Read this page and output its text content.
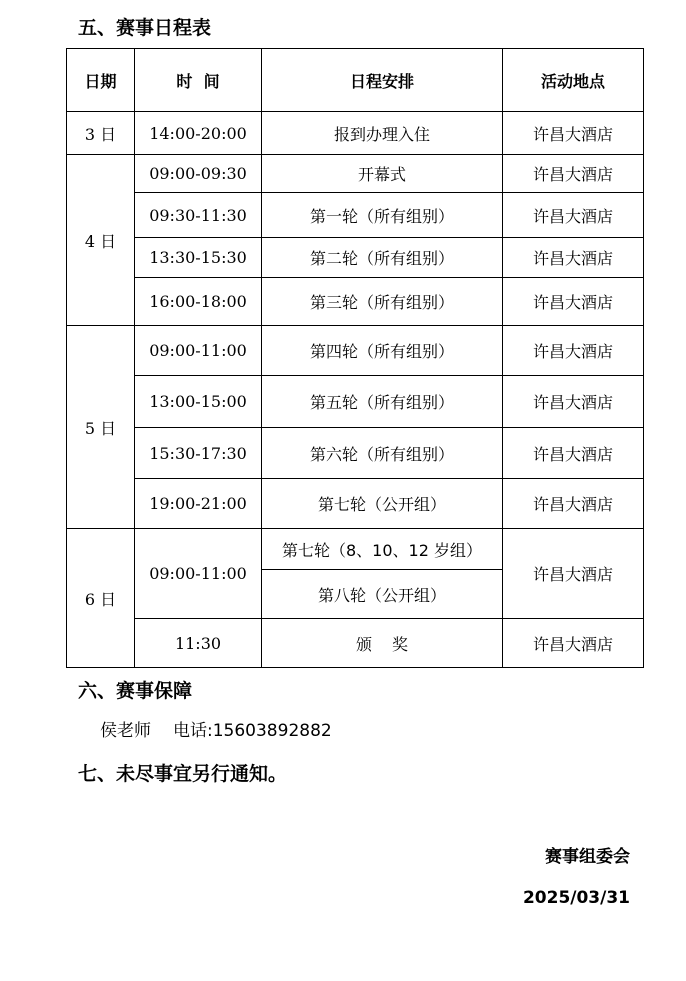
五、赛事日程表
日期	时  间	日程安排	活动地点
3 日	14:00-20:00	报到办理入住	许昌大酒店
4 日	09:00-09:30	开幕式	许昌大酒店
	09:30-11:30	第一轮（所有组别）	许昌大酒店
	13:30-15:30	第二轮（所有组别）	许昌大酒店
	16:00-18:00	第三轮（所有组别）	许昌大酒店
5 日	09:00-11:00	第四轮（所有组别）	许昌大酒店
	13:00-15:00	第五轮（所有组别）	许昌大酒店
	15:30-17:30	第六轮（所有组别）	许昌大酒店
	19:00-21:00	第七轮（公开组）	许昌大酒店
6 日	09:00-11:00	第七轮（8、10、12 岁组）	许昌大酒店
		第八轮（公开组）	
	11:30	颁奖	许昌大酒店
六、赛事保障
侯老师 电话:15603892882
七、未尽事宜另行通知。
赛事组委会
2025/03/31
